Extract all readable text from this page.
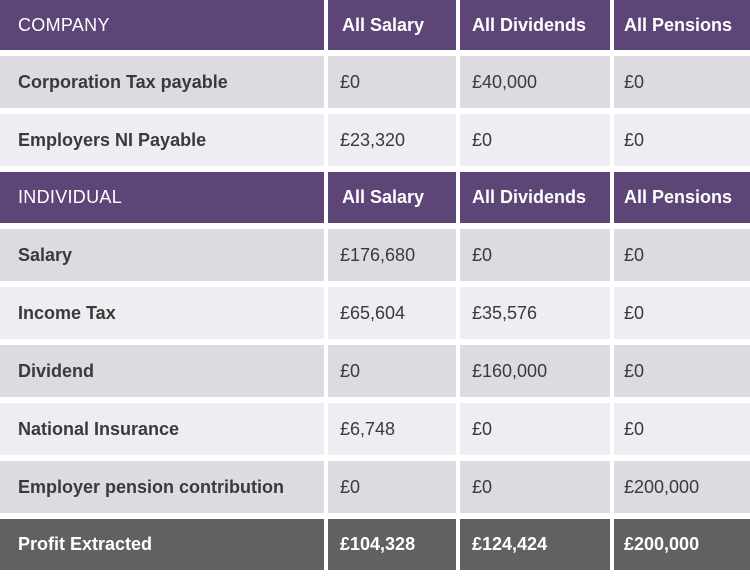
COMPANY	All Salary	All Dividends	All Pensions
Corporation Tax payable	£0	£40,000	£0
Employers NI Payable	£23,320	£0	£0
INDIVIDUAL	All Salary	All Dividends	All Pensions
Salary	£176,680	£0	£0
Income Tax	£65,604	£35,576	£0
Dividend	£0	£160,000	£0
National Insurance	£6,748	£0	£0
Employer pension contribution	£0	£0	£200,000
Profit Extracted	£104,328	£124,424	£200,000
